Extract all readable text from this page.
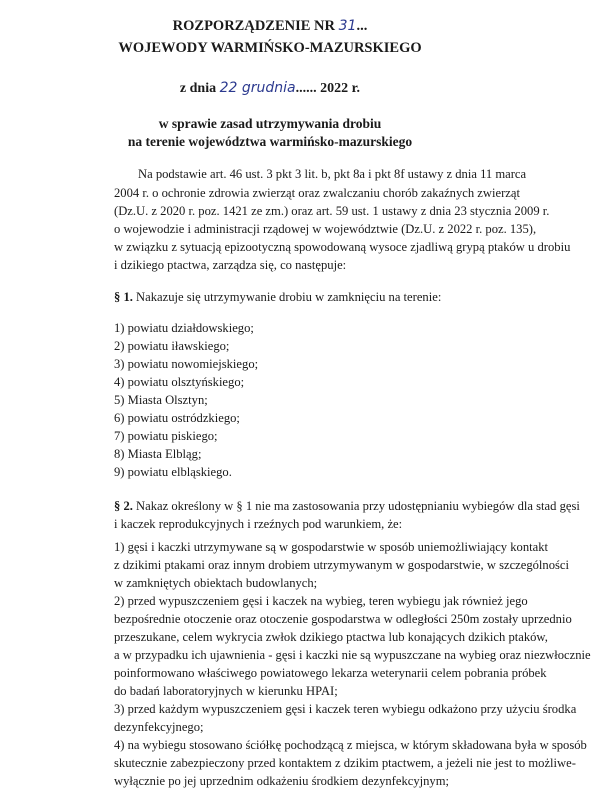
ROZPORZĄDZENIE NR 31...
WOJEWODY WARMIŃSKO-MAZURSKIEGO
z dnia 22 grudnia...... 2022 r.
w sprawie zasad utrzymywania drobiu
na terenie województwa warmińsko-mazurskiego
Na podstawie art. 46 ust. 3 pkt 3 lit. b, pkt 8a i pkt 8f ustawy z dnia 11 marca
2004 r. o ochronie zdrowia zwierząt oraz zwalczaniu chorób zakaźnych zwierząt
(Dz.U. z 2020 r. poz. 1421 ze zm.) oraz art. 59 ust. 1 ustawy z dnia 23 stycznia 2009 r.
o wojewodzie i administracji rządowej w województwie (Dz.U. z 2022 r. poz. 135),
w związku z sytuacją epizootyczną spowodowaną wysoce zjadliwą grypą ptaków u drobiu
i dzikiego ptactwa, zarządza się, co następuje:
§ 1. Nakazuje się utrzymywanie drobiu w zamknięciu na terenie:
1) powiatu działdowskiego;
2) powiatu iławskiego;
3) powiatu nowomiejskiego;
4) powiatu olsztyńskiego;
5) Miasta Olsztyn;
6) powiatu ostródzkiego;
7) powiatu piskiego;
8) Miasta Elbląg;
9) powiatu elbląskiego.
§ 2. Nakaz określony w § 1 nie ma zastosowania przy udostępnianiu wybiegów dla stad gęsi
i kaczek reprodukcyjnych i rzeźnych pod warunkiem, że:
1) gęsi i kaczki utrzymywane są w gospodarstwie w sposób uniemożliwiający kontakt
z dzikimi ptakami oraz innym drobiem utrzymywanym w gospodarstwie, w szczególności
w zamkniętych obiektach budowlanych;
2) przed wypuszczeniem gęsi i kaczek na wybieg, teren wybiegu jak również jego
bezpośrednie otoczenie oraz otoczenie gospodarstwa w odległości 250m zostały uprzednio
przeszukane, celem wykrycia zwłok dzikiego ptactwa lub konających dzikich ptaków,
a w przypadku ich ujawnienia - gęsi i kaczki nie są wypuszczane na wybieg oraz niezwłocznie
poinformowano właściwego powiatowego lekarza weterynarii celem pobrania próbek
do badań laboratoryjnych w kierunku HPAI;
3) przed każdym wypuszczeniem gęsi i kaczek teren wybiegu odkażono przy użyciu środka
dezynfekcyjnego;
4) na wybiegu stosowano ściółkę pochodzącą z miejsca, w którym składowana była w sposób
skutecznie zabezpieczony przed kontaktem z dzikim ptactwem, a jeżeli nie jest to możliwe-
wyłącznie po jej uprzednim odkażeniu środkiem dezynfekcyjnym;
